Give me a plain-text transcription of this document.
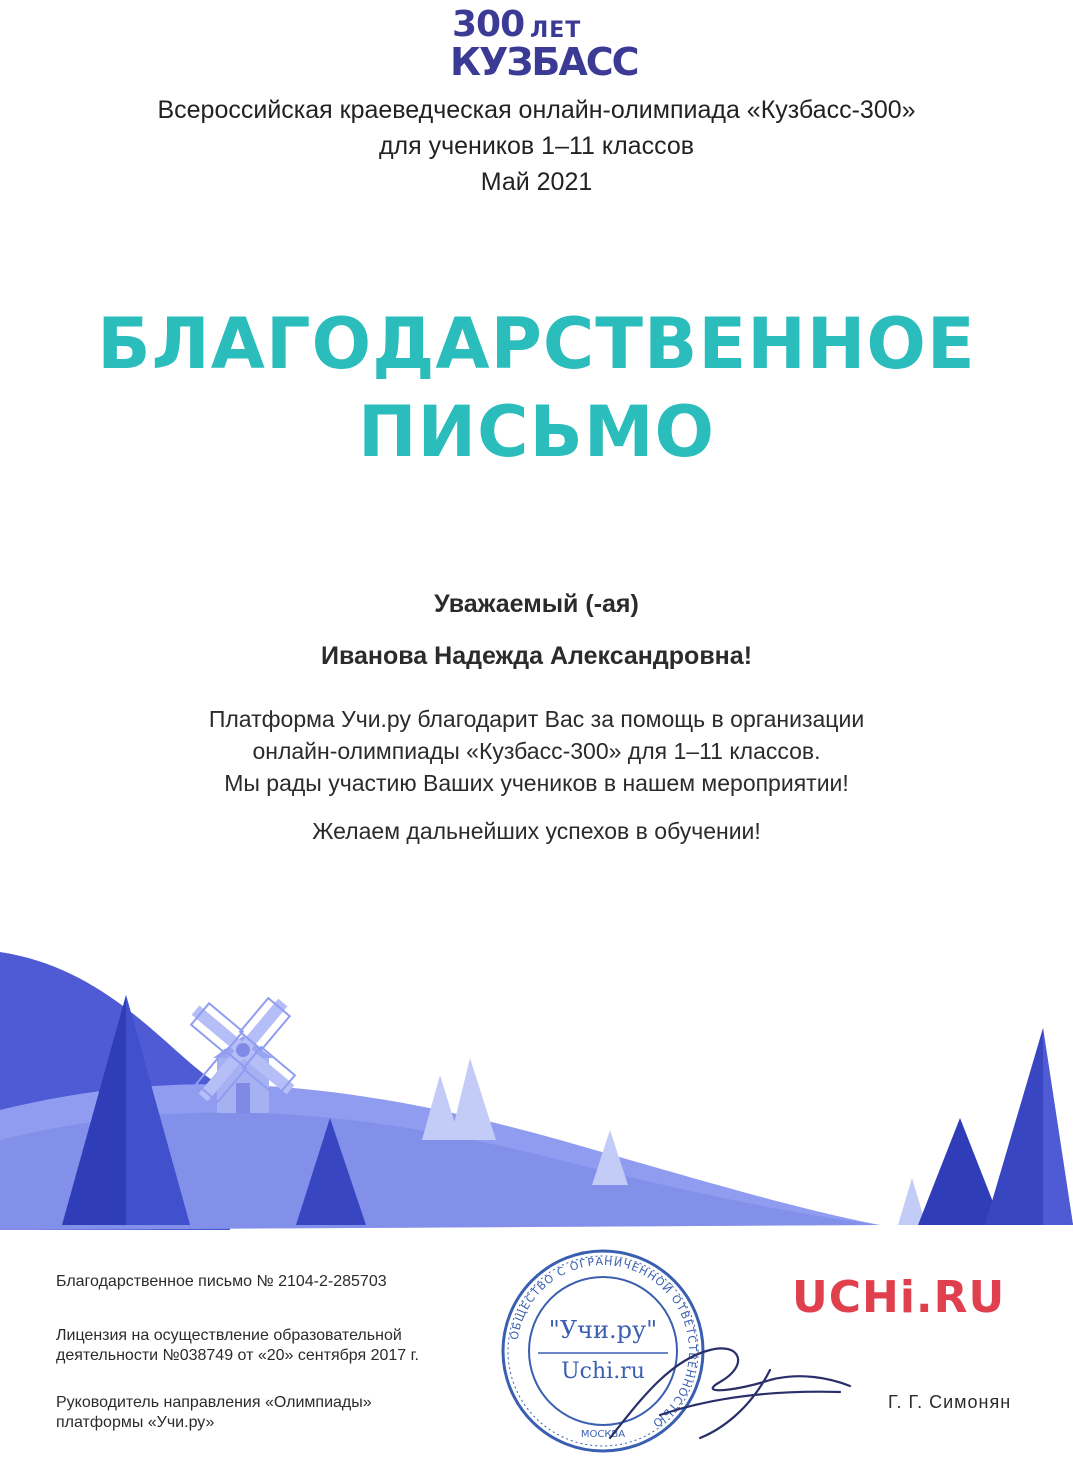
300 ЛЕТ
КУЗБАСС
Всероссийская краеведческая онлайн-олимпиада «Кузбасс-300»
для учеников 1–11 классов
Май 2021
БЛАГОДАРСТВЕННОЕ
ПИСЬМО
Уважаемый (-ая)
Иванова Надежда Александровна!
Платформа Учи.ру благодарит Вас за помощь в организации
онлайн-олимпиады «Кузбасс-300» для 1–11 классов.
Мы рады участию Ваших учеников в нашем мероприятии!
Желаем дальнейших успехов в обучении!
Благодарственное письмо № 2104-2-285703
Лицензия на осуществление образовательной
деятельности №038749 от «20» сентября 2017 г.
Руководитель направления «Олимпиады»
платформы «Учи.ру»
ОБЩЕСТВО С ОГРАНИЧЕННОЙ ОТВЕТСТВЕННОСТЬЮ
"Учи.ру"
Uchi.ru
МОСКВА
UCHi.RU
Г. Г. Симонян
